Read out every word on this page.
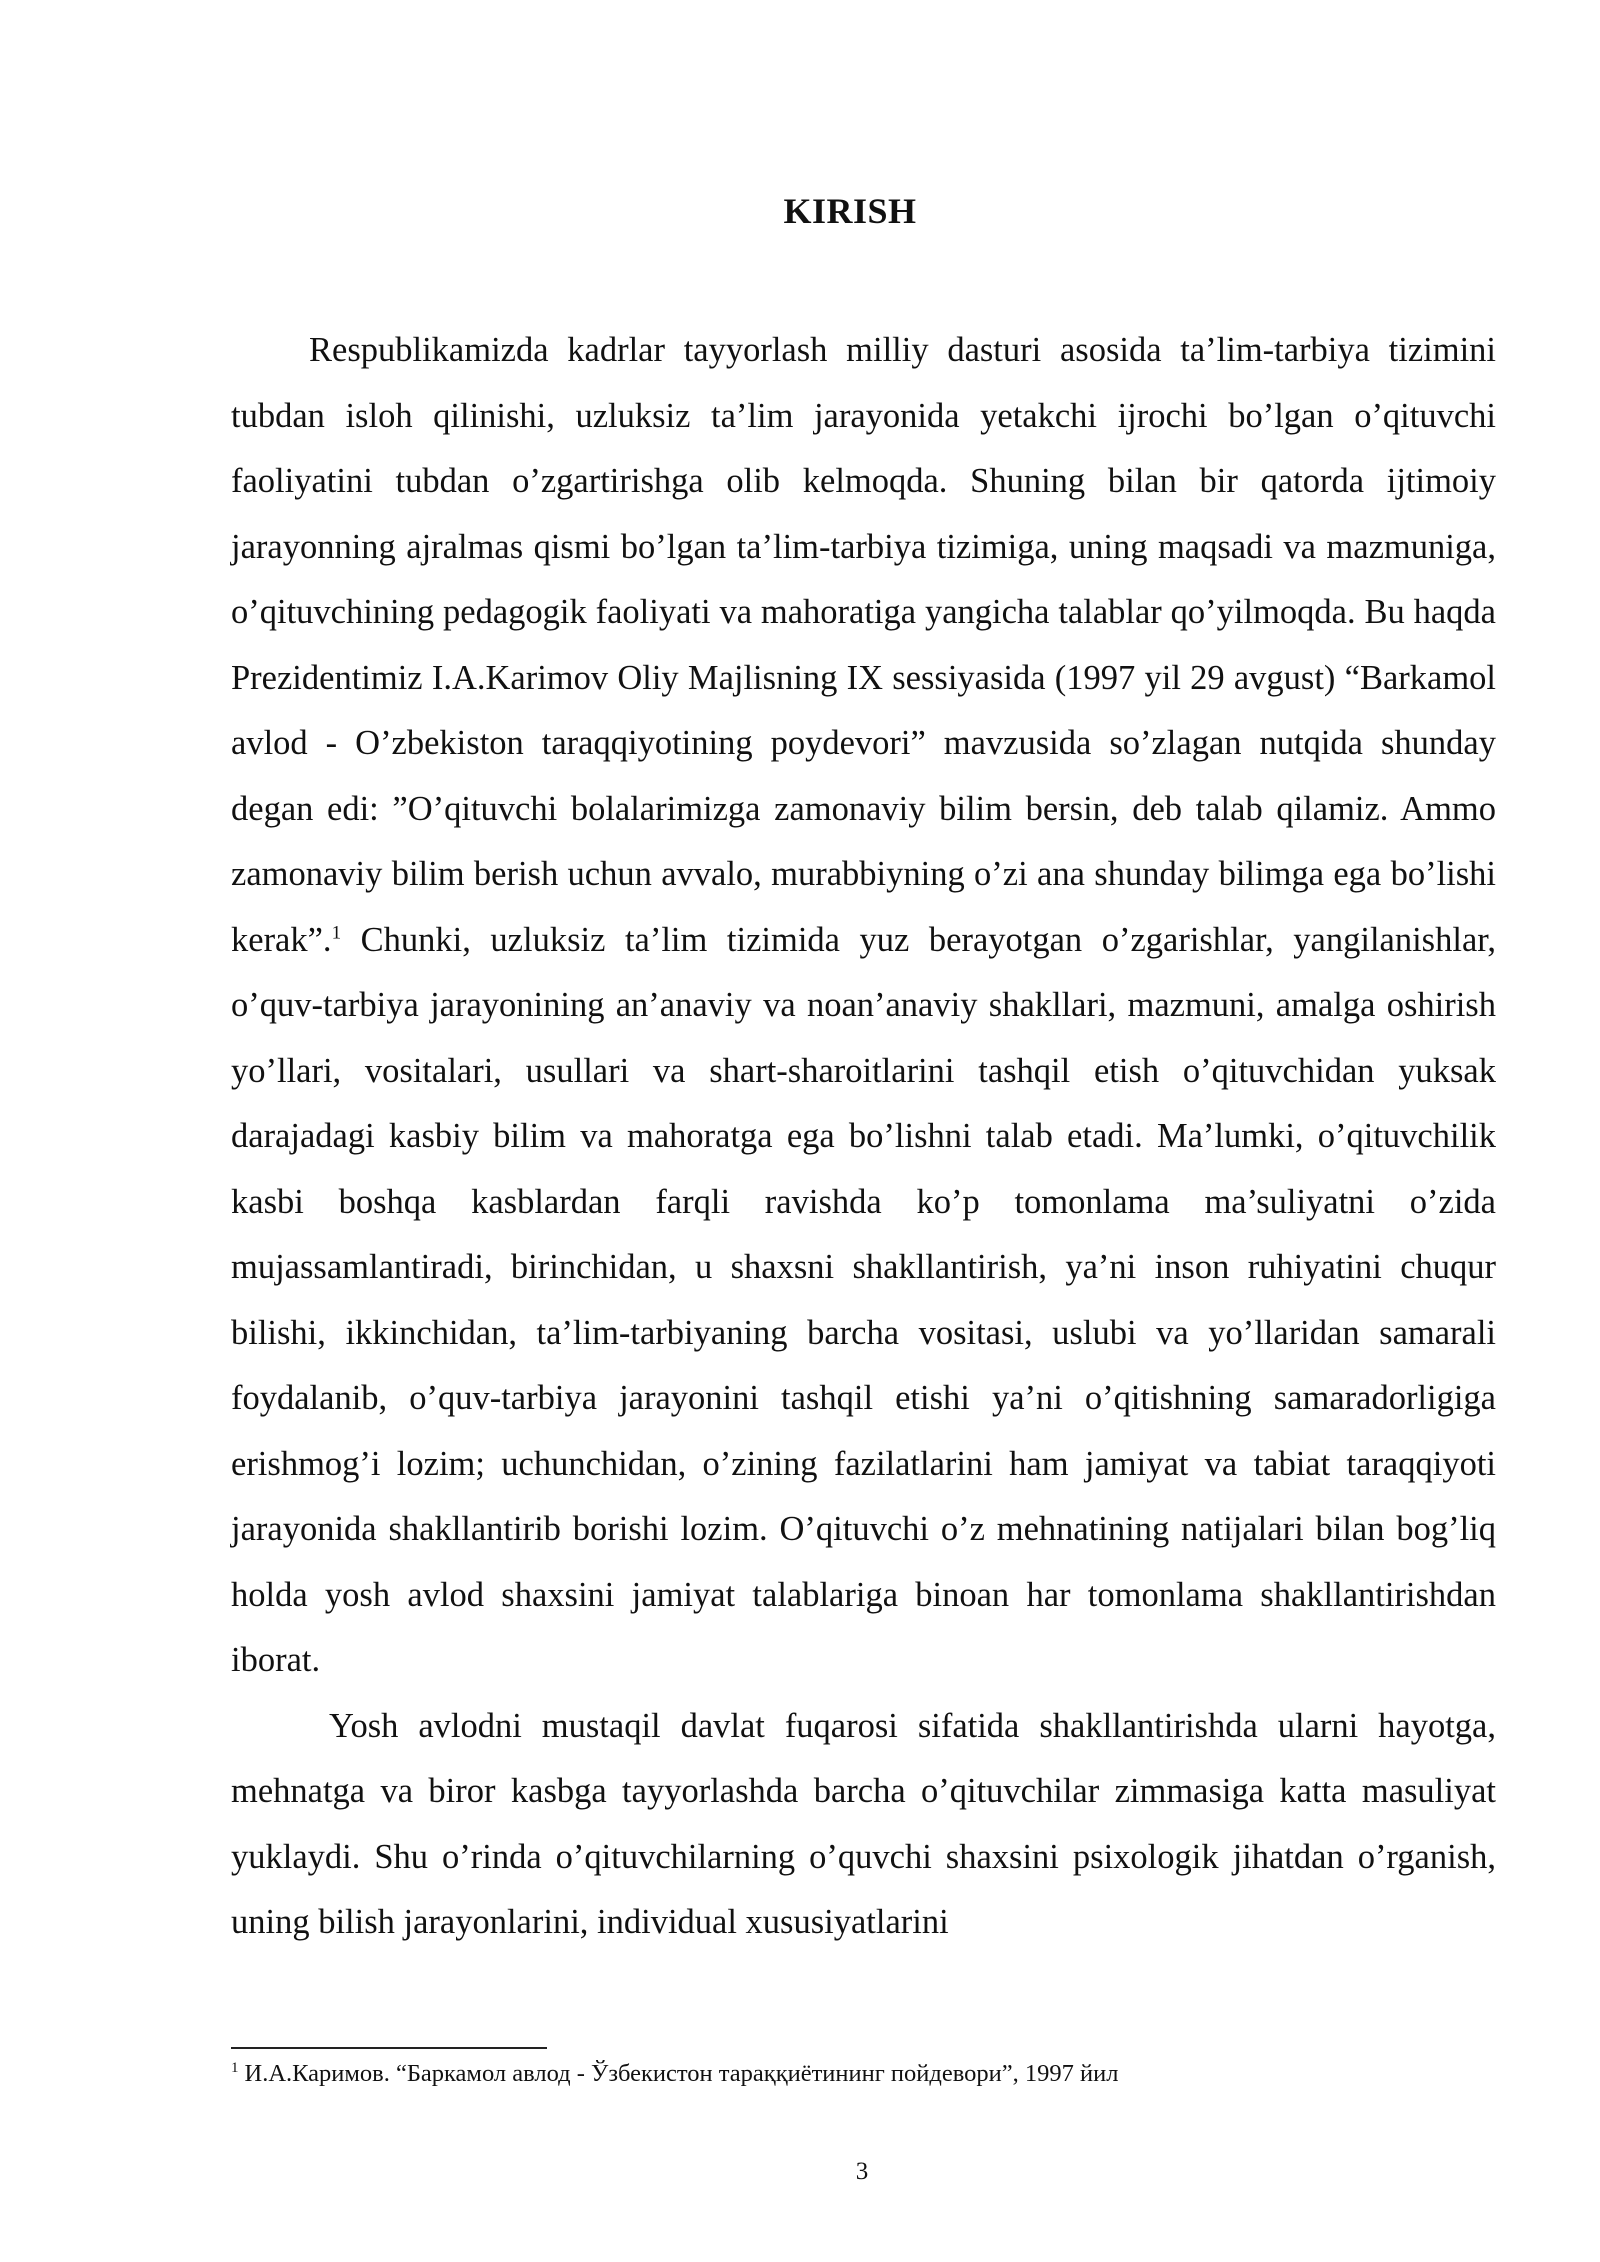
KIRISH

Respublikamizda kadrlar tayyorlash milliy dasturi asosida ta’lim-tarbiya tizimini tubdan isloh qilinishi, uzluksiz ta’lim jarayonida yetakchi ijrochi bo’lgan o’qituvchi faoliyatini tubdan o’zgartirishga olib kelmoqda. Shuning bilan bir qatorda ijtimoiy jarayonning ajralmas qismi bo’lgan ta’lim-tarbiya tizimiga, uning maqsadi va mazmuniga, o’qituvchining pedagogik faoliyati va mahoratiga yangicha talablar qo’yilmoqda. Bu haqda Prezidentimiz I.A.Karimov Oliy Majlisning IX sessiyasida (1997 yil 29 avgust) “Barkamol avlod - O’zbekiston taraqqiyotining poydevori” mavzusida so’zlagan nutqida shunday degan edi: ”O’qituvchi bolalarimizga zamonaviy bilim bersin, deb talab qilamiz. Ammo zamonaviy bilim berish uchun avvalo, murabbiyning o’zi ana shunday bilimga ega bo’lishi kerak”.$^1$ Chunki, uzluksiz ta’lim tizimida yuz berayotgan o’zgarishlar, yangilanishlar, o’quv-tarbiya jarayonining an’anaviy va noan’anaviy shakllari, mazmuni, amalga oshirish yo’llari, vositalari, usullari va shart-sharoitlarini tashqil etish o’qituvchidan yuksak darajadagi kasbiy bilim va mahoratga ega bo’lishni talab etadi. Ma’lumki, o’qituvchilik kasbi boshqa kasblardan farqli ravishda ko’p tomonlama ma’suliyatni o’zida mujassamlantiradi, birinchidan, u shaxsni shakllantirish, ya’ni inson ruhiyatini chuqur bilishi, ikkinchidan, ta’lim-tarbiyaning barcha vositasi, uslubi va yo’llaridan samarali foydalanib, o’quv-tarbiya jarayonini tashqil etishi ya’ni o’qitishning samaradorligiga erishmog’i lozim; uchunchidan, o’zining fazilatlarini ham jamiyat va tabiat taraqqiyoti jarayonida shakllantirib borishi lozim. O’qituvchi o’z mehnatining natijalari bilan bog’liq holda yosh avlod shaxsini jamiyat talablariga binoan har tomonlama shakllantirishdan iborat.

Yosh avlodni mustaqil davlat fuqarosi sifatida shakllantirishda ularni hayotga, mehnatga va biror kasbga tayyorlashda barcha o’qituvchilar zimmasiga katta masuliyat yuklaydi. Shu o’rinda o’qituvchilarning o’quvchi shaxsini psixologik jihatdan o’rganish, uning bilish jarayonlarini, individual xususiyatlarini

$^1$ И.А.Каримов. “Баркамол авлод - Ўзбекистон тараққиётининг пойдевори”, 1997 йил
3
